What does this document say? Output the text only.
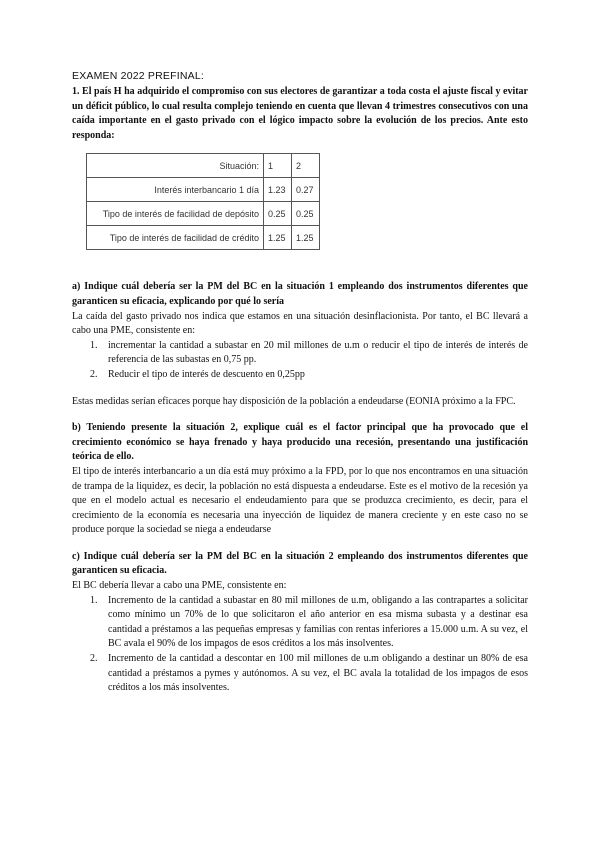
EXAMEN 2022 PREFINAL:

1. El país H ha adquirido el compromiso con sus electores de garantizar a toda costa el ajuste fiscal y evitar un déficit público, lo cual resulta complejo teniendo en cuenta que llevan 4 trimestres consecutivos con una caída importante en el gasto privado con el lógico impacto sobre la evolución de los precios. Ante esto responda:

Situación:	1	2
Interés interbancario 1 día	1.23	0.27
Tipo de interés de facilidad de depósito	0.25	0.25
Tipo de interés de facilidad de crédito	1.25	1.25

a) Indique cuál debería ser la PM del BC en la situación 1 empleando dos instrumentos diferentes que garanticen su eficacia, explicando por qué lo sería

La caída del gasto privado nos indica que estamos en una situación desinflacionista. Por tanto, el BC llevará a cabo una PME, consistente en:

1. incrementar la cantidad a subastar en 20 mil millones de u.m o reducir el tipo de interés de interés de referencia de las subastas en 0,75 pp.
2. Reducir el tipo de interés de descuento en 0,25pp

Estas medidas serían eficaces porque hay disposición de la población a endeudarse (EONIA próximo a la FPC.

b) Teniendo presente la situación 2, explique cuál es el factor principal que ha provocado que el crecimiento económico se haya frenado y haya producido una recesión, presentando una justificación teórica de ello.

El tipo de interés interbancario a un día está muy próximo a la FPD, por lo que nos encontramos en una situación de trampa de la liquidez, es decir, la población no está dispuesta a endeudarse. Este es el motivo de la recesión ya que en el modelo actual es necesario el endeudamiento para que se produzca crecimiento, es decir, para el crecimiento de la economía es necesaria una inyección de liquidez de manera creciente y en este caso no se produce porque la sociedad se niega a endeudarse

c) Indique cuál debería ser la PM del BC en la situación 2 empleando dos instrumentos diferentes que garanticen su eficacia.

El BC debería llevar a cabo una PME, consistente en:

1. Incremento de la cantidad a subastar en 80 mil millones de u.m, obligando a las contrapartes a solicitar como mínimo un 70% de lo que solicitaron el año anterior en esa misma subasta y a destinar esa cantidad a préstamos a las pequeñas empresas y familias con rentas inferiores a 15.000 u.m. A su vez, el BC avala el 90% de los impagos de esos créditos a los más insolventes.
2. Incremento de la cantidad a descontar en 100 mil millones de u.m obligando a destinar un 80% de esa cantidad a préstamos a pymes y autónomos. A su vez, el BC avala la totalidad de los impagos de esos créditos a los más insolventes.
